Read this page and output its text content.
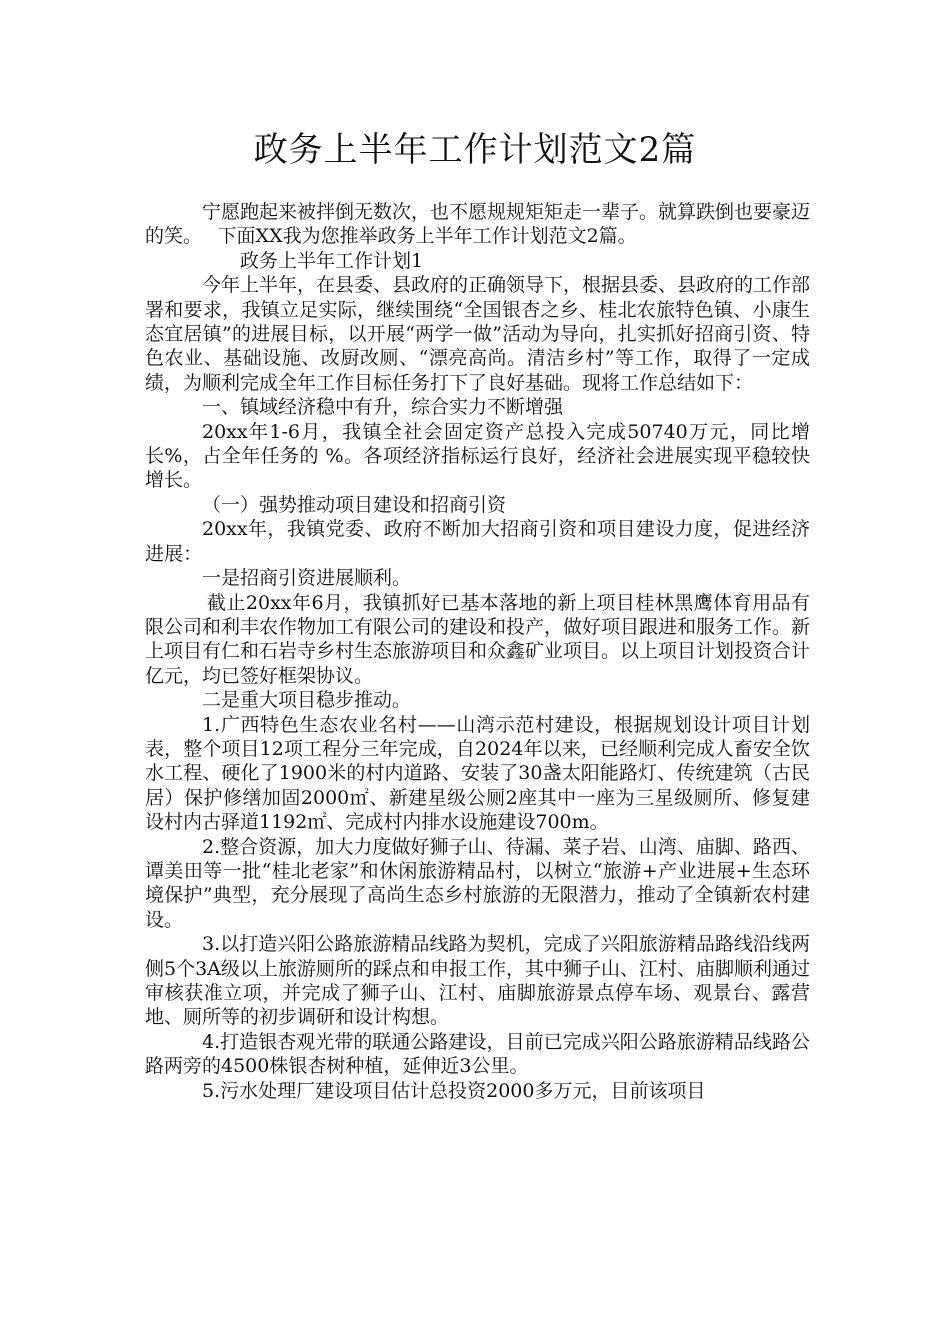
政务上半年工作计划范文2篇

宁愿跑起来被拌倒无数次，也不愿规规矩矩走一辈子。就算跌倒也要豪迈的笑。　 下面XX我为您推举政务上半年工作计划范文2篇。

政务上半年工作计划1

今年上半年，在县委、县政府的正确领导下，根据县委、县政府的工作部署和要求，我镇立足实际，继续围绕“全国银杏之乡、桂北农旅特色镇、小康生态宜居镇”的进展目标，以开展“两学一做”活动为导向，扎实抓好招商引资、特色农业、基础设施、改厨改厕、“漂亮高尚。清洁乡村”等工作，取得了一定成绩，为顺利完成全年工作目标任务打下了良好基础。现将工作总结如下：

一、镇域经济稳中有升，综合实力不断增强

20xx年1-6月，我镇全社会固定资产总投入完成50740万元，同比增长%，占全年任务的 %。各项经济指标运行良好，经济社会进展实现平稳较快增长。

（一）强势推动项目建设和招商引资

20xx年，我镇党委、政府不断加大招商引资和项目建设力度，促进经济进展：

一是招商引资进展顺利。

截止20xx年6月，我镇抓好已基本落地的新上项目桂林黑鹰体育用品有限公司和利丰农作物加工有限公司的建设和投产，做好项目跟进和服务工作。新上项目有仁和石岩寺乡村生态旅游项目和众鑫矿业项目。以上项目计划投资合计亿元，均已签好框架协议。

二是重大项目稳步推动。

1.广西特色生态农业名村——山湾示范村建设，根据规划设计项目计划表，整个项目12项工程分三年完成，自2024年以来，已经顺利完成人畜安全饮水工程、硬化了1900米的村内道路、安装了30盏太阳能路灯、传统建筑（古民居）保护修缮加固2000㎡、新建星级公厕2座其中一座为三星级厕所、修复建设村内古驿道1192㎡、完成村内排水设施建设700m。

2.整合资源，加大力度做好狮子山、待漏、菜子岩、山湾、庙脚、路西、谭美田等一批“桂北老家”和休闲旅游精品村，以树立“旅游+产业进展+生态环境保护”典型，充分展现了高尚生态乡村旅游的无限潜力，推动了全镇新农村建设。

3.以打造兴阳公路旅游精品线路为契机，完成了兴阳旅游精品路线沿线两侧5个3A级以上旅游厕所的踩点和申报工作，其中狮子山、江村、庙脚顺利通过审核获准立项，并完成了狮子山、江村、庙脚旅游景点停车场、观景台、露营地、厕所等的初步调研和设计构想。

4.打造银杏观光带的联通公路建设，目前已完成兴阳公路旅游精品线路公路两旁的4500株银杏树种植，延伸近3公里。

5.污水处理厂建设项目估计总投资2000多万元，目前该项目
